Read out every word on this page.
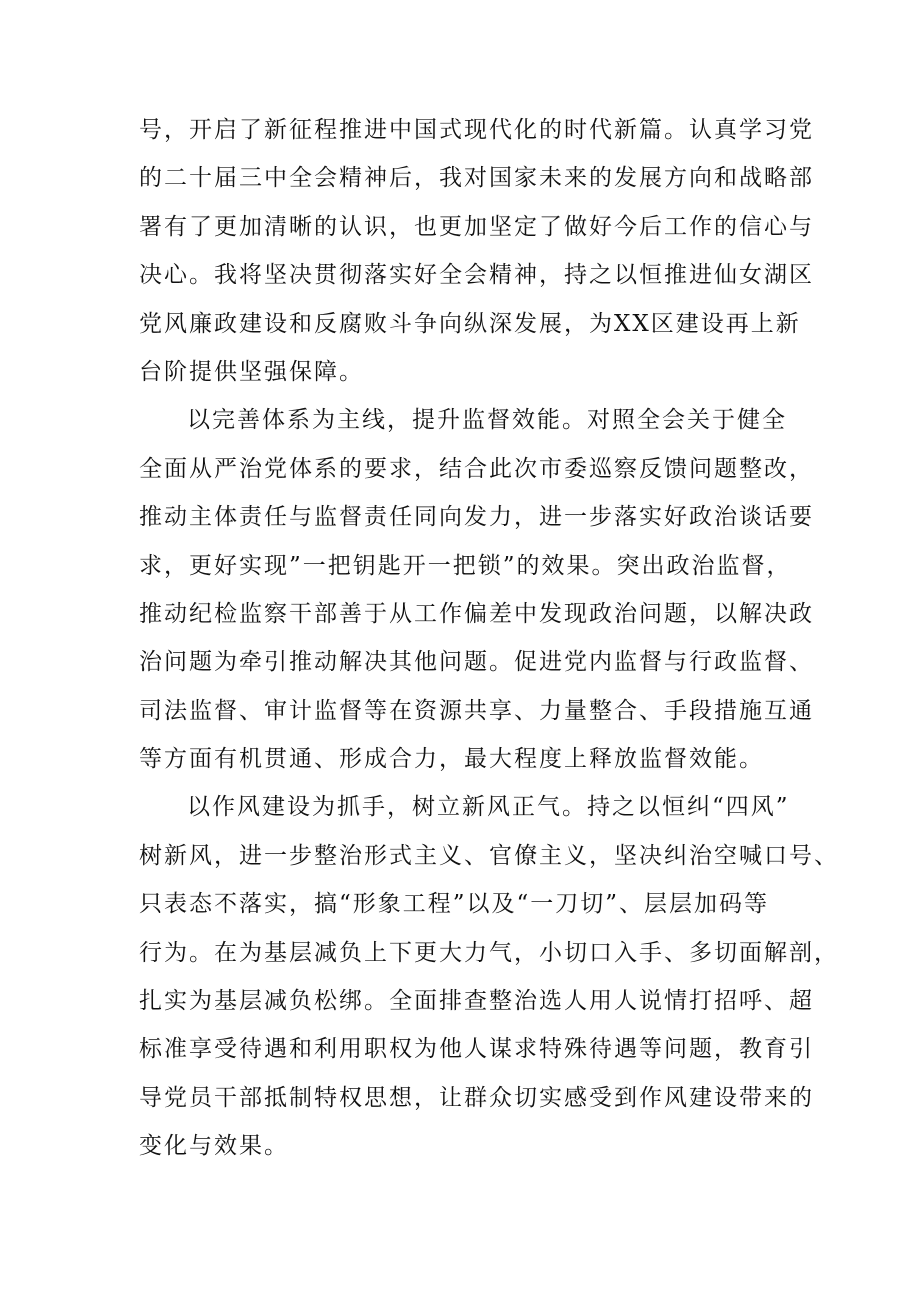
号，开启了新征程推进中国式现代化的时代新篇。认真学习党
的二十届三中全会精神后，我对国家未来的发展方向和战略部
署有了更加清晰的认识，也更加坚定了做好今后工作的信心与
决心。我将坚决贯彻落实好全会精神，持之以恒推进仙女湖区
党风廉政建设和反腐败斗争向纵深发展，为XX区建设再上新
台阶提供坚强保障。
以完善体系为主线，提升监督效能。对照全会关于健全
全面从严治党体系的要求，结合此次市委巡察反馈问题整改，
推动主体责任与监督责任同向发力，进一步落实好政治谈话要
求，更好实现”一把钥匙开一把锁”的效果。突出政治监督，
推动纪检监察干部善于从工作偏差中发现政治问题，以解决政
治问题为牵引推动解决其他问题。促进党内监督与行政监督、
司法监督、审计监督等在资源共享、力量整合、手段措施互通
等方面有机贯通、形成合力，最大程度上释放监督效能。
以作风建设为抓手，树立新风正气。持之以恒纠“四风”
树新风，进一步整治形式主义、官僚主义，坚决纠治空喊口号、
只表态不落实，搞“形象工程”以及“一刀切”、层层加码等
行为。在为基层减负上下更大力气，小切口入手、多切面解剖，
扎实为基层减负松绑。全面排查整治选人用人说情打招呼、超
标准享受待遇和利用职权为他人谋求特殊待遇等问题，教育引
导党员干部抵制特权思想，让群众切实感受到作风建设带来的
变化与效果。
